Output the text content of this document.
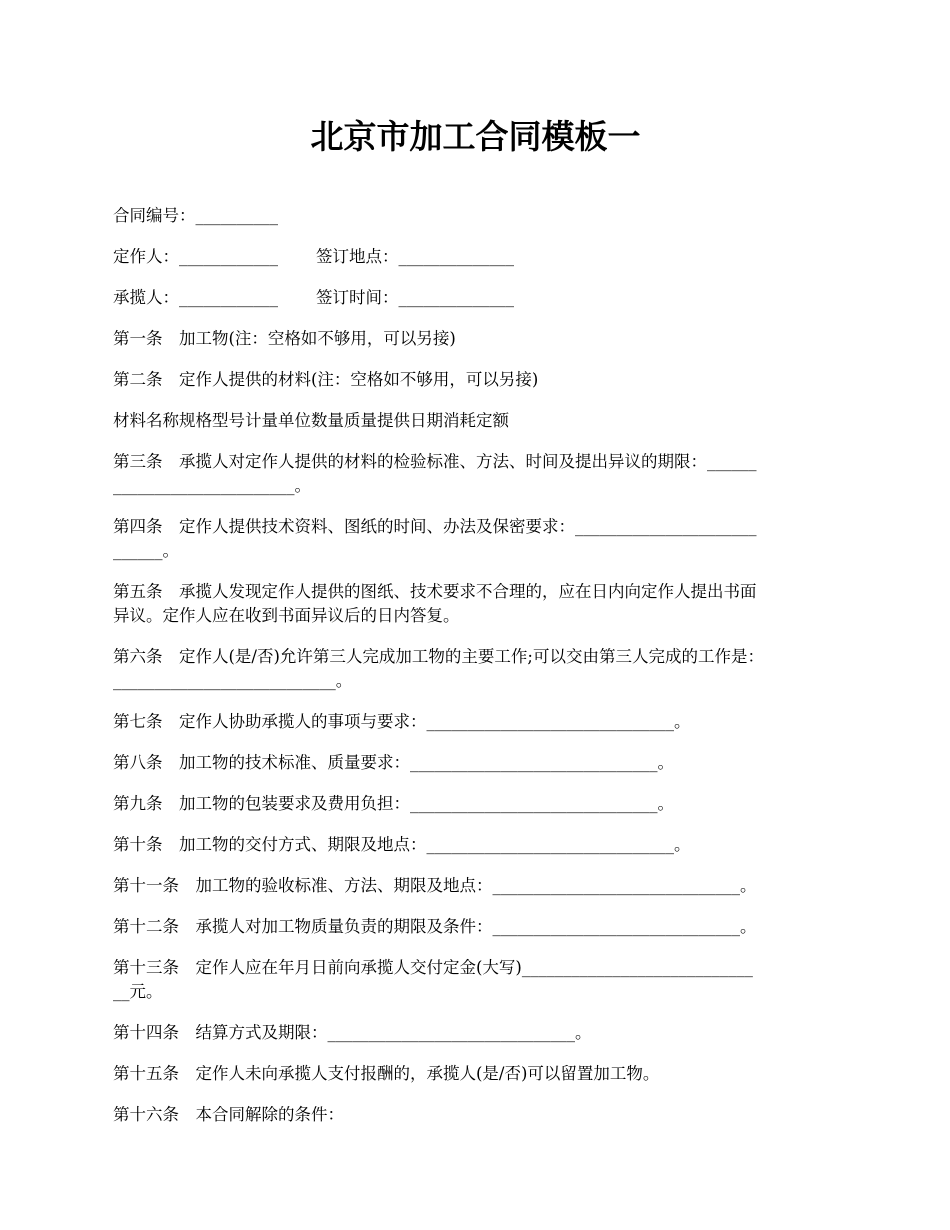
北京市加工合同模板一

合同编号：__________

定作人：____________ 签订地点：______________
承揽人：____________ 签订时间：______________

第一条　加工物(注：空格如不够用，可以另接)

第二条　定作人提供的材料(注：空格如不够用，可以另接)

材料名称规格型号计量单位数量质量提供日期消耗定额

第三条　承揽人对定作人提供的材料的检验标准、方法、时间及提出异议的期限：______
______________________。

第四条　定作人提供技术资料、图纸的时间、办法及保密要求：______________________
______。

第五条　承揽人发现定作人提供的图纸、技术要求不合理的，应在日内向定作人提出书面
异议。定作人应在收到书面异议后的日内答复。

第六条　定作人(是/否)允许第三人完成加工物的主要工作;可以交由第三人完成的工作是：
___________________________。

第七条　定作人协助承揽人的事项与要求：______________________________。

第八条　加工物的技术标准、质量要求：______________________________。

第九条　加工物的包装要求及费用负担：______________________________。

第十条　加工物的交付方式、期限及地点：______________________________。

第十一条　加工物的验收标准、方法、期限及地点：______________________________。

第十二条　承揽人对加工物质量负责的期限及条件：______________________________。

第十三条　定作人应在年月日前向承揽人交付定金(大写)____________________________
__元。

第十四条　结算方式及期限：______________________________。

第十五条　定作人未向承揽人支付报酬的，承揽人(是/否)可以留置加工物。

第十六条　本合同解除的条件：
